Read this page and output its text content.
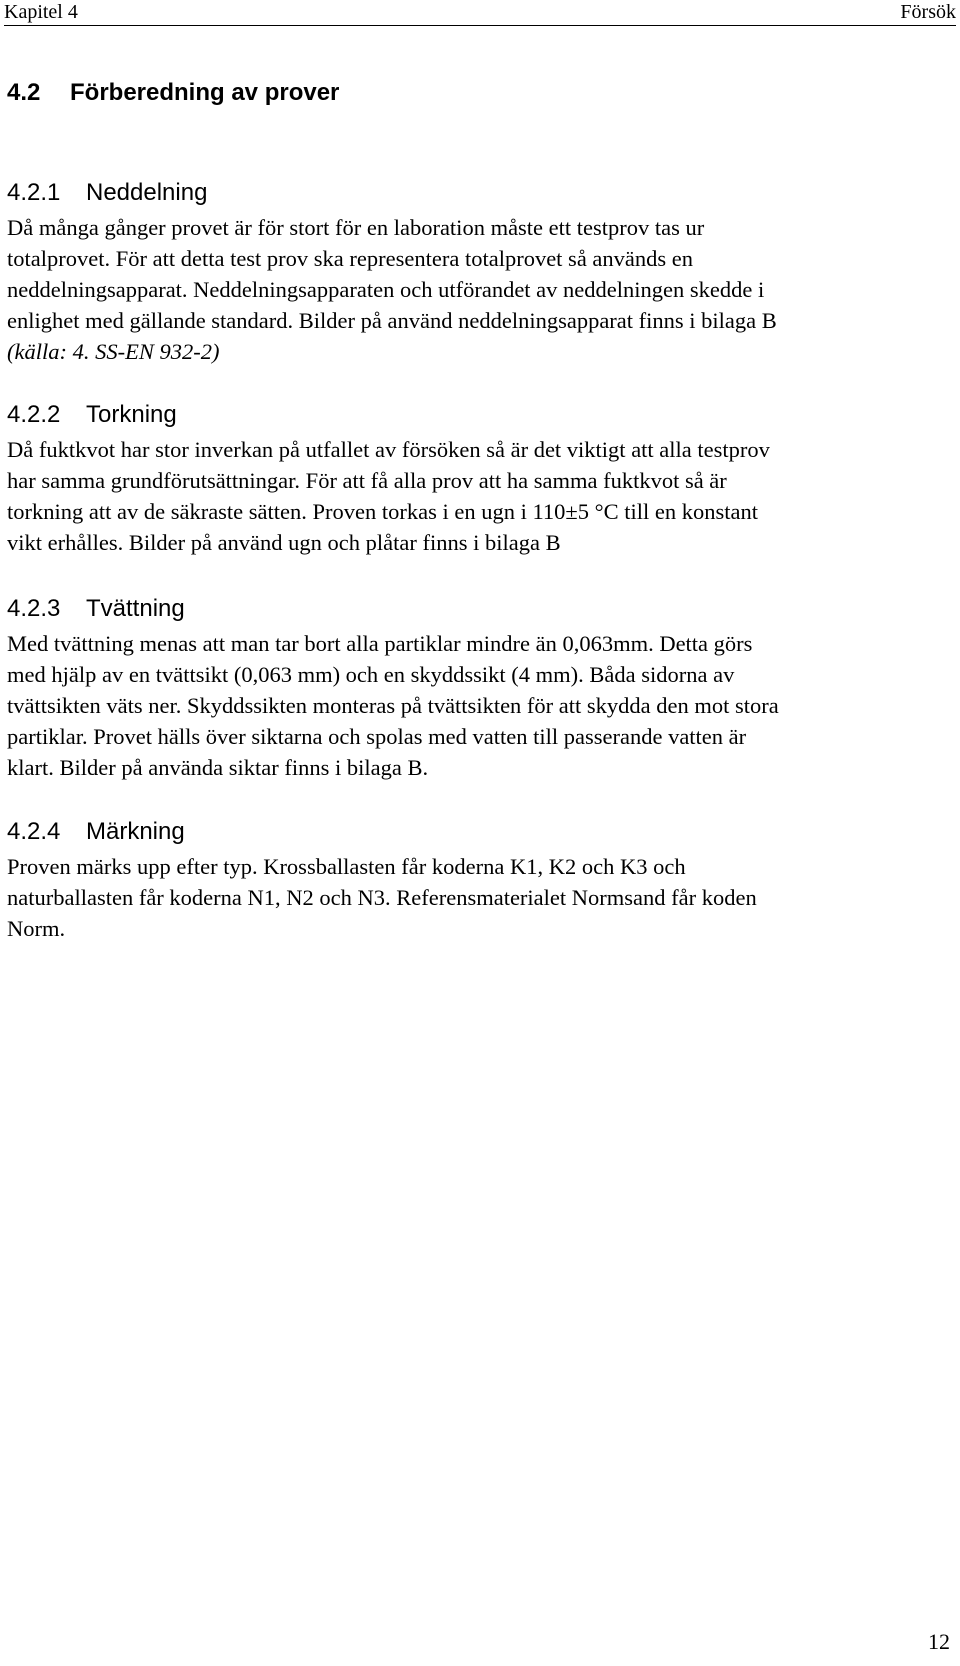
Kapitel 4	Försök
4.2 Förberedning av prover
4.2.1 Neddelning
Då många gånger provet är för stort för en laboration måste ett testprov tas ur
totalprovet. För att detta test prov ska representera totalprovet så används en
neddelningsapparat. Neddelningsapparaten och utförandet av neddelningen skedde i
enlighet med gällande standard. Bilder på använd neddelningsapparat finns i bilaga B
(källa: 4. SS-EN 932-2)
4.2.2 Torkning
Då fuktkvot har stor inverkan på utfallet av försöken så är det viktigt att alla testprov
har samma grundförutsättningar. För att få alla prov att ha samma fuktkvot så är
torkning att av de säkraste sätten. Proven torkas i en ugn i 110±5 °C till en konstant
vikt erhålles. Bilder på använd ugn och plåtar finns i bilaga B
4.2.3 Tvättning
Med tvättning menas att man tar bort alla partiklar mindre än 0,063mm. Detta görs
med hjälp av en tvättsikt (0,063 mm) och en skyddssikt (4 mm). Båda sidorna av
tvättsikten väts ner. Skyddssikten monteras på tvättsikten för att skydda den mot stora
partiklar. Provet hälls över siktarna och spolas med vatten till passerande vatten är
klart. Bilder på använda siktar finns i bilaga B.
4.2.4 Märkning
Proven märks upp efter typ. Krossballasten får koderna K1, K2 och K3 och
naturballasten får koderna N1, N2 och N3. Referensmaterialet Normsand får koden
Norm.
12
